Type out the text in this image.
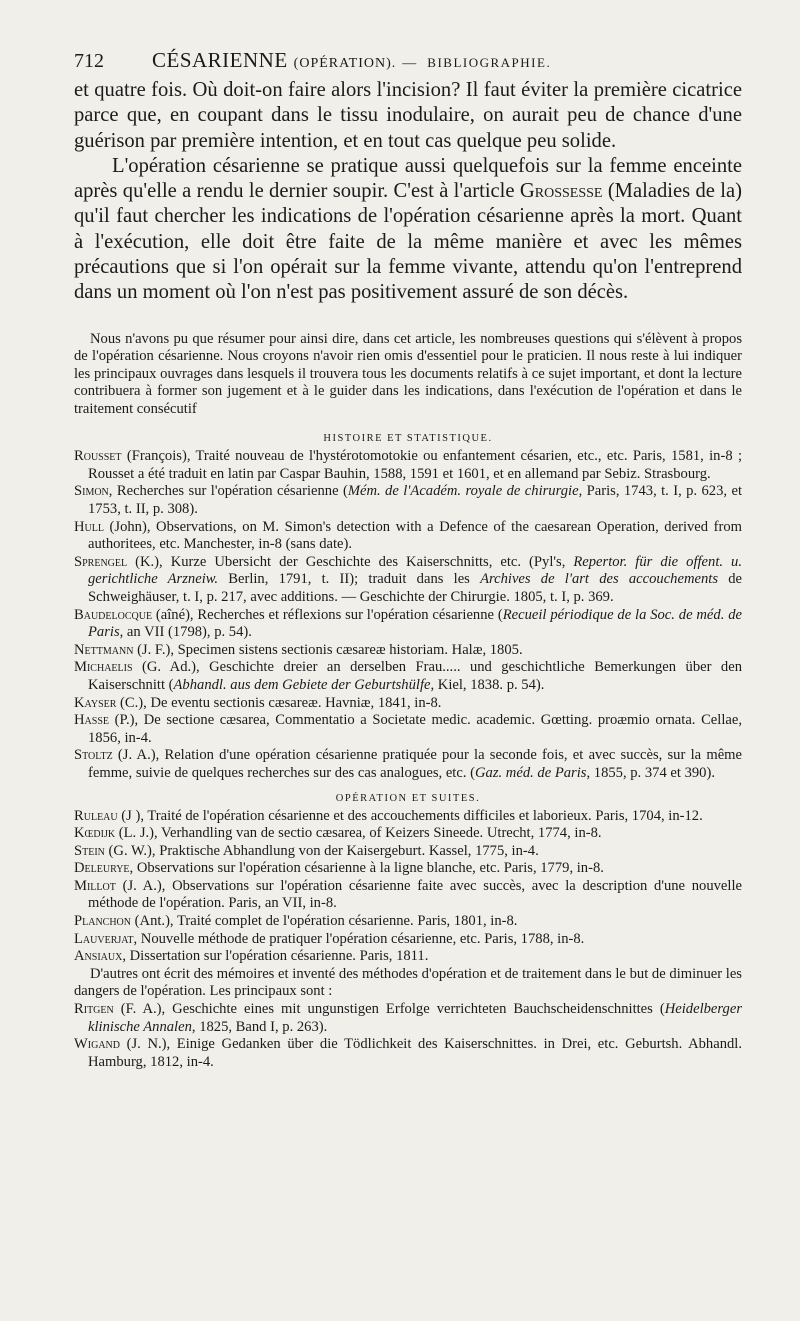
712	CÉSARIENNE (OPÉRATION). — BIBLIOGRAPHIE.

et quatre fois. Où doit-on faire alors l'incision? Il faut éviter la première cicatrice parce que, en coupant dans le tissu inodulaire, on aurait peu de chance d'une guérison par première intention, et en tout cas quelque peu solide.

L'opération césarienne se pratique aussi quelquefois sur la femme enceinte après qu'elle a rendu le dernier soupir. C'est à l'article Grossesse (Maladies de la) qu'il faut chercher les indications de l'opération césarienne après la mort. Quant à l'exécution, elle doit être faite de la même manière et avec les mêmes précautions que si l'on opérait sur la femme vivante, attendu qu'on l'entreprend dans un moment où l'on n'est pas positivement assuré de son décès.

Nous n'avons pu que résumer pour ainsi dire, dans cet article, les nombreuses questions qui s'élèvent à propos de l'opération césarienne. Nous croyons n'avoir rien omis d'essentiel pour le praticien. Il nous reste à lui indiquer les principaux ouvrages dans lesquels il trouvera tous les documents relatifs à ce sujet important, et dont la lecture contribuera à former son jugement et à le guider dans les indications, dans l'exécution de l'opération et dans le traitement consécutif

HISTOIRE ET STATISTIQUE.
Rousset (François), Traité nouveau de l'hystérotomotokie ou enfantement césarien, etc., etc. Paris, 1581, in-8 ; Rousset a été traduit en latin par Caspar Bauhin, 1588, 1591 et 1601, et en allemand par Sebiz. Strasbourg.
Simon, Recherches sur l'opération césarienne (Mém. de l'Académ. royale de chirurgie, Paris, 1743, t. I, p. 623, et 1753, t. II, p. 308).
Hull (John), Observations, on M. Simon's detection with a Defence of the caesarean Operation, derived from authoritees, etc. Manchester, in-8 (sans date).
Sprengel (K.), Kurze Ubersicht der Geschichte des Kaiserschnitts, etc. (Pyl's, Repertor. für die offent. u. gerichtliche Arzneiw. Berlin, 1791, t. II); traduit dans les Archives de l'art des accouchements de Schweighäuser, t. I, p. 217, avec additions. — Geschichte der Chirurgie. 1805, t. I, p. 369.
Baudelocque (aîné), Recherches et réflexions sur l'opération césarienne (Recueil périodique de la Soc. de méd. de Paris, an VII (1798), p. 54).
Nettmann (J. F.), Specimen sistens sectionis cæsareæ historiam. Halæ, 1805.
Michaelis (G. Ad.), Geschichte dreier an derselben Frau..... und geschichtliche Bemerkungen über den Kaiserschnitt (Abhandl. aus dem Gebiete der Geburtshülfe, Kiel, 1838. p. 54).
Kayser (C.), De eventu sectionis cæsareæ. Havniæ, 1841, in-8.
Hasse (P.), De sectione cæsarea, Commentatio a Societate medic. academic. Gœtting. proæmio ornata. Cellae, 1856, in-4.
Stoltz (J. A.), Relation d'une opération césarienne pratiquée pour la seconde fois, et avec succès, sur la même femme, suivie de quelques recherches sur des cas analogues, etc. (Gaz. méd. de Paris, 1855, p. 374 et 390).
OPÉRATION ET SUITES.
Ruleau (J ), Traité de l'opération césarienne et des accouchements difficiles et laborieux. Paris, 1704, in-12.
Kœdijk (L. J.), Verhandling van de sectio cæsarea, of Keizers Sineede. Utrecht, 1774, in-8.
Stein (G. W.), Praktische Abhandlung von der Kaisergeburt. Kassel, 1775, in-4.
Deleurye, Observations sur l'opération césarienne à la ligne blanche, etc. Paris, 1779, in-8.
Millot (J. A.), Observations sur l'opération césarienne faite avec succès, avec la description d'une nouvelle méthode de l'opération. Paris, an VII, in-8.
Planchon (Ant.), Traité complet de l'opération césarienne. Paris, 1801, in-8.
Lauverjat, Nouvelle méthode de pratiquer l'opération césarienne, etc. Paris, 1788, in-8.
Ansiaux, Dissertation sur l'opération césarienne. Paris, 1811.

D'autres ont écrit des mémoires et inventé des méthodes d'opération et de traitement dans le but de diminuer les dangers de l'opération. Les principaux sont :

Ritgen (F. A.), Geschichte eines mit ungunstigen Erfolge verrichteten Bauchscheidenschnittes (Heidelberger klinische Annalen, 1825, Band I, p. 263).
Wigand (J. N.), Einige Gedanken über die Tödlichkeit des Kaiserschnittes. in Drei, etc. Geburtsh. Abhandl. Hamburg, 1812, in-4.
